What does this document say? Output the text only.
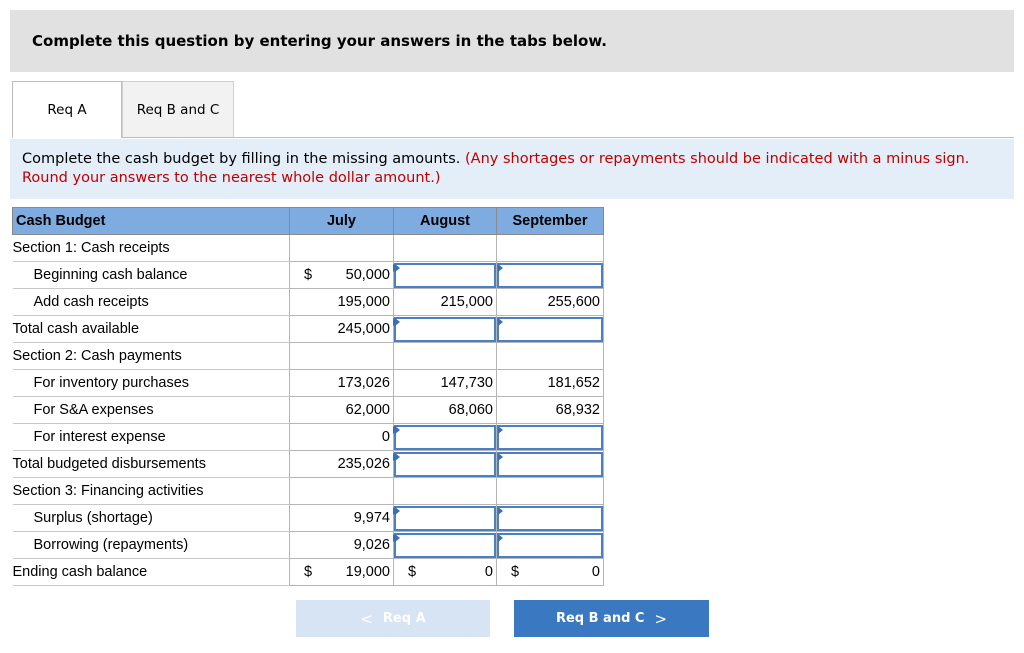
Complete this question by entering your answers in the tabs below.
Req A	Req B and C
Complete the cash budget by filling in the missing amounts. (Any shortages or repayments should be indicated with a minus sign. Round your answers to the nearest whole dollar amount.)
Cash Budget	July	August	September
Section 1: Cash receipts			
Beginning cash balance	$ 50,000		

Add cash receipts	195,000	215,000	255,600

Total cash available	245,000		

Section 2: Cash payments			
For inventory purchases	173,026	147,730	181,652

For S&A expenses	62,000	68,060	68,932

For interest expense	0		

Total budgeted disbursements	235,026		

Section 3: Financing activities			
Surplus (shortage)	9,974		

Borrowing (repayments)	9,026		

Ending cash balance	$ 19,000	$ 0	$ 0
< Req A	Req B and C >
